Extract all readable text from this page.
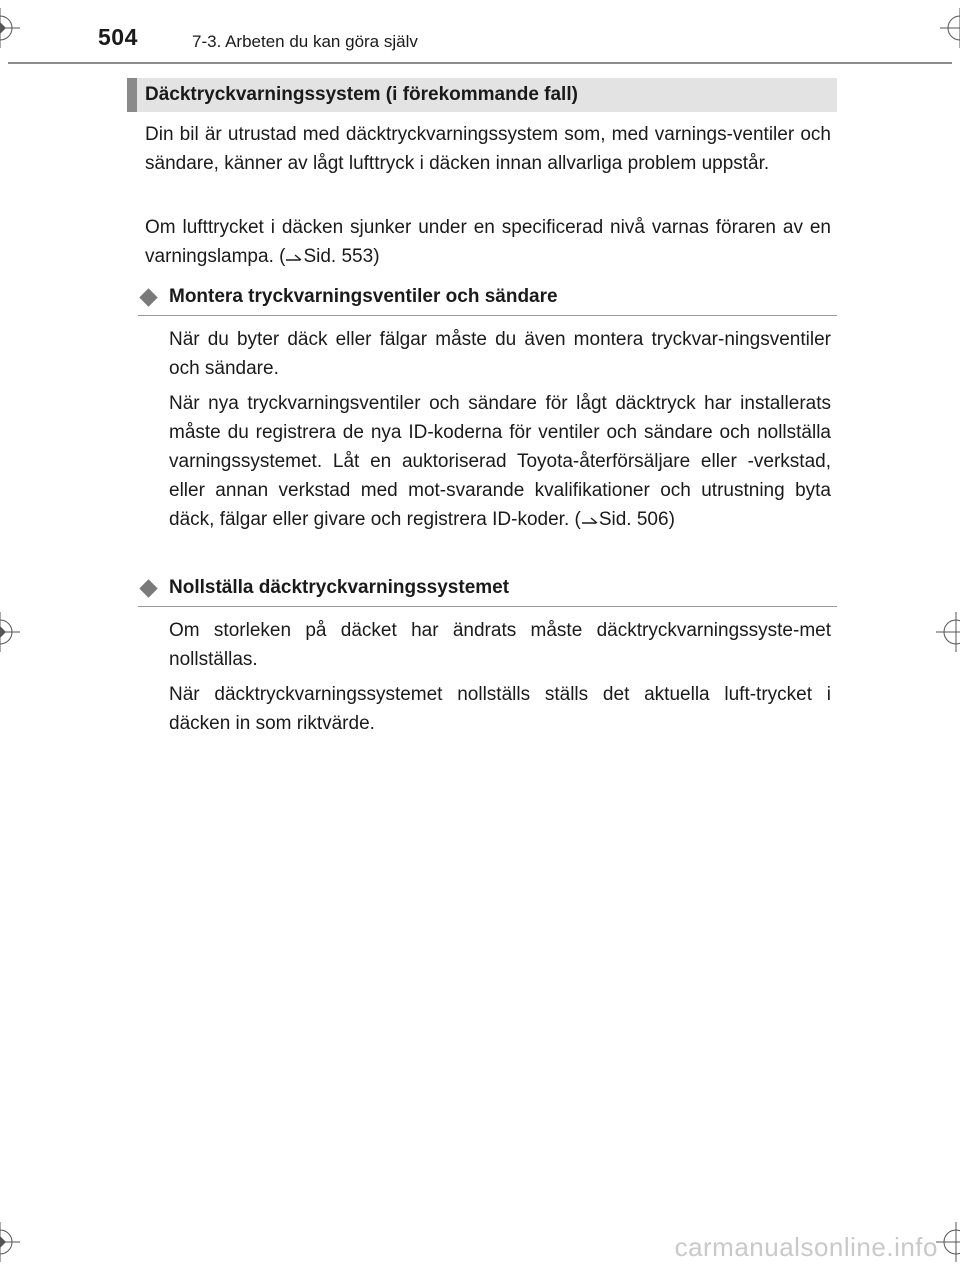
504	7-3. Arbeten du kan göra själv
Däcktryckvarningssystem (i förekommande fall)

Din bil är utrustad med däcktryckvarningssystem som, med varnings-ventiler och sändare, känner av lågt lufttryck i däcken innan allvarliga problem uppstår.

Om lufttrycket i däcken sjunker under en specificerad nivå varnas föraren av en varningslampa. ( Sid. 553)

Montera tryckvarningsventiler och sändare

När du byter däck eller fälgar måste du även montera tryckvar-ningsventiler och sändare.

När nya tryckvarningsventiler och sändare för lågt däcktryck har installerats måste du registrera de nya ID-koderna för ventiler och sändare och nollställa varningssystemet. Låt en auktoriserad Toyota-återförsäljare eller -verkstad, eller annan verkstad med mot-svarande kvalifikationer och utrustning byta däck, fälgar eller givare och registrera ID-koder. ( Sid. 506)

Nollställa däcktryckvarningssystemet

Om storleken på däcket har ändrats måste däcktryckvarningssyste-met nollställas.

När däcktryckvarningssystemet nollställs ställs det aktuella luft-trycket i däcken in som riktvärde.

carmanualsonline.info
